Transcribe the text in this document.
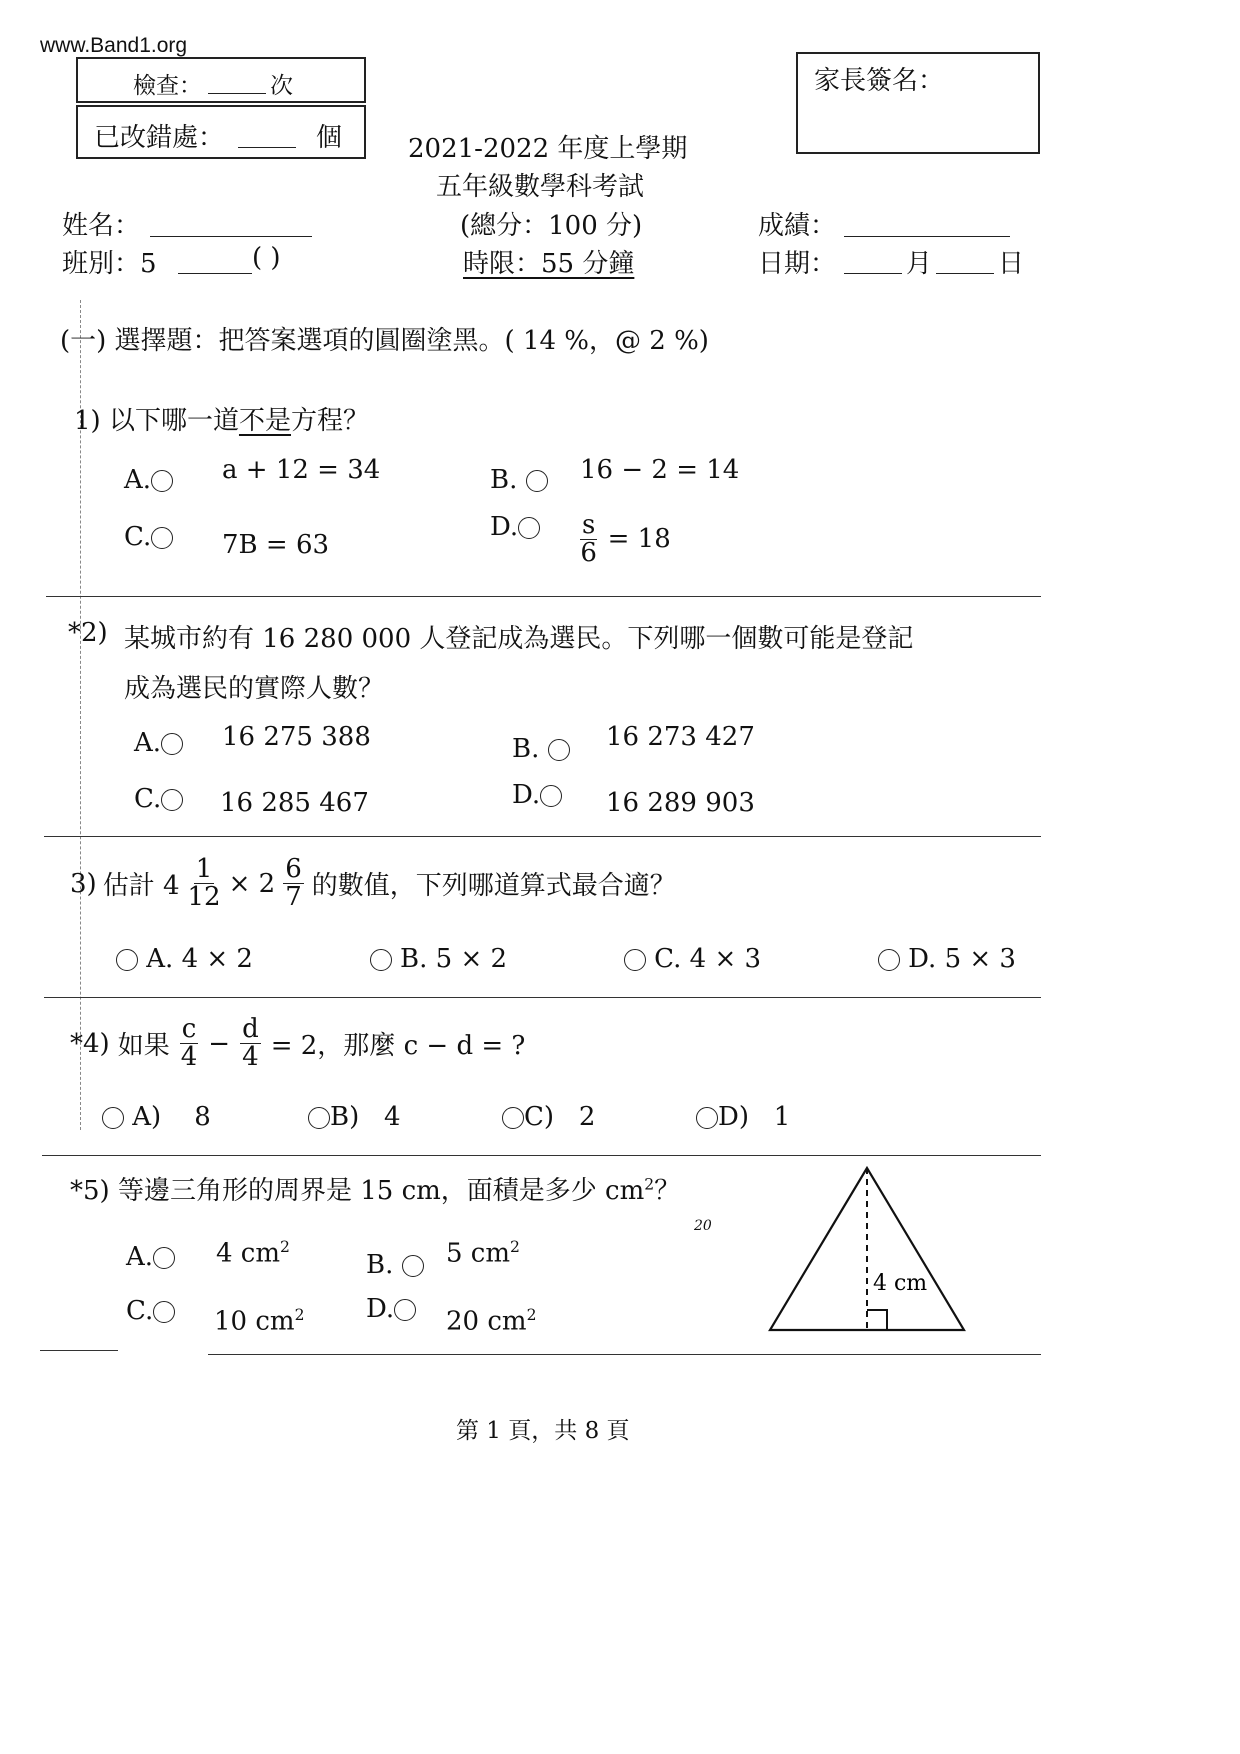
www.Band1.org
檢查：	次
已改錯處：	個
家長簽名：
2021-2022 年度上學期
五年級數學科考試
(總分：100 分)
時限：55 分鐘
姓名：
班別：5	( )
成績：
日期：	月	日
(一) 選擇題：把答案選項的圓圈塗黑。( 14 %，@ 2 %)
1) 以下哪一道不是方程？
A.	a + 12 = 34	B.	16 − 2 = 14
C.	7B = 63
D.	$\frac{s}{6} = 18$
*2) 某城市約有 16 280 000 人登記成為選民。下列哪一個數可能是登記
成為選民的實際人數？
A.	16 275 388	B.	16 273 427
C.	16 285 467	D.	16 289 903
3) 估計 $4 \frac{1}{12} \times 2 \frac{6}{7}$ 的數值，下列哪道算式最合適？
A. 4 × 2	B. 5 × 2	C. 4 × 3	D. 5 × 3
*4) 如果 $\frac{c}{4} - \frac{d}{4} = 2$，那麼 c − d = ?
A) 8	B) 4	C) 2	D) 1
*5) 等邊三角形的周界是 15 cm，面積是多少 $cm^2$？
20
A.	4 $cm^2$
B.	5 $cm^2$
C.	10 $cm^2$ D.	20 $cm^2$
4 cm
第 1 頁，共 8 頁
